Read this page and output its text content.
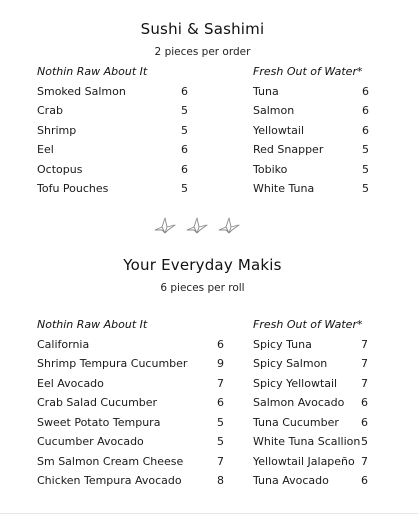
Sushi & Sashimi
2 pieces per order
Nothin Raw About It
Smoked Salmon	6
Crab	5
Shrimp	5
Eel	6
Octopus	6
Tofu Pouches	5
Fresh Out of Water*
Tuna	6
Salmon	6
Yellowtail	6
Red Snapper	5
Tobiko	5
White Tuna	5
Your Everyday Makis
6 pieces per roll
Nothin Raw About It
California	6
Shrimp Tempura Cucumber	9
Eel Avocado	7
Crab Salad Cucumber	6
Sweet Potato Tempura	5
Cucumber Avocado	5
Sm Salmon Cream Cheese	7
Chicken Tempura Avocado	8
Fresh Out of Water*
Spicy Tuna	7
Spicy Salmon	7
Spicy Yellowtail 7
Salmon Avocado 6
Tuna Cucumber 6
White Tuna Scallion 5
Yellowtail Jalapeño 7
Tuna Avocado	6
